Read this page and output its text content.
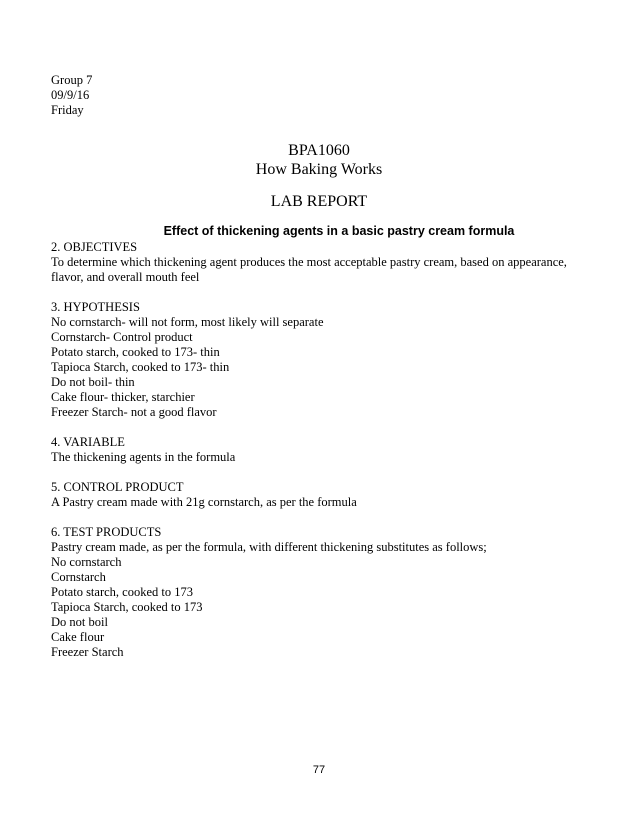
Group 7
09/9/16
Friday
BPA1060
How Baking Works
LAB REPORT
Effect of thickening agents in a basic pastry cream formula
2. OBJECTIVES
To determine which thickening agent produces the most acceptable pastry cream, based on appearance,
flavor, and overall mouth feel
3. HYPOTHESIS
No cornstarch- will not form, most likely will separate
Cornstarch- Control product
Potato starch, cooked to 173- thin
Tapioca Starch, cooked to 173- thin
Do not boil- thin
Cake flour- thicker, starchier
Freezer Starch- not a good flavor
4. VARIABLE
The thickening agents in the formula
5. CONTROL PRODUCT
A Pastry cream made with 21g cornstarch, as per the formula
6. TEST PRODUCTS
Pastry cream made, as per the formula, with different thickening substitutes as follows;
No cornstarch
Cornstarch
Potato starch, cooked to 173
Tapioca Starch, cooked to 173
Do not boil
Cake flour
Freezer Starch
77
